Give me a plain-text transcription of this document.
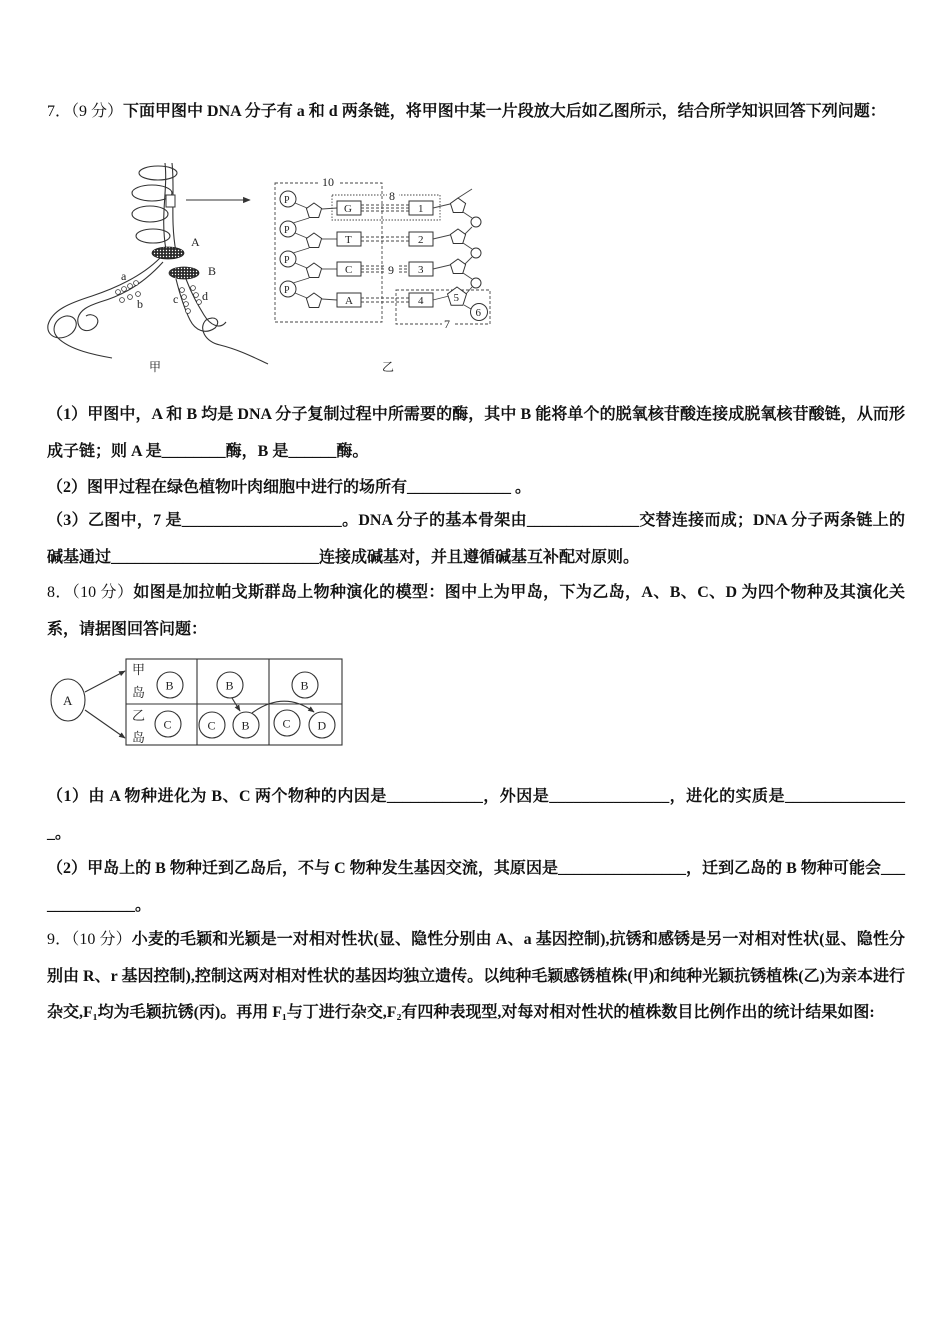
7．（9 分）下面甲图中 DNA 分子有 a 和 d 两条链，将甲图中某一片段放大后如乙图所示，结合所学知识回答下列问题：

A
B
a
b	c d
甲
10
8
7
P
P
P
P
G
T
C
A
9
1
2
3
4	5
6
乙

（1）甲图中，A 和 B 均是 DNA 分子复制过程中所需要的酶，其中 B 能将单个的脱氧核苷酸连接成脱氧核苷酸链，从而形成子链；则 A 是________酶，B 是______酶。

（2）图甲过程在绿色植物叶肉细胞中进行的场所有_____________ 。

（3）乙图中，7 是____________________。DNA 分子的基本骨架由______________交替连接而成；DNA 分子两条链上的碱基通过__________________________连接成碱基对，并且遵循碱基互补配对原则。

8．（10 分）如图是加拉帕戈斯群岛上物种演化的模型：图中上为甲岛，下为乙岛，A、B、C、D 为四个物种及其演化关系，请据图回答问题：

A
甲
岛
乙
岛
B	B	B
C	C B	C D

（1）由 A 物种进化为 B、C 两个物种的内因是____________，外因是_______________，进化的实质是________________。

（2）甲岛上的 B 物种迁到乙岛后，不与 C 物种发生基因交流，其原因是________________，迁到乙岛的 B 物种可能会______________。

9．（10 分）小麦的毛颖和光颖是一对相对性状(显、隐性分别由 A、a 基因控制),抗锈和感锈是另一对相对性状(显、隐性分别由 R、r 基因控制),控制这两对相对性状的基因均独立遗传。以纯种毛颖感锈植株(甲)和纯种光颖抗锈植株(乙)为亲本进行杂交,F₁均为毛颖抗锈(丙)。再用 F₁与丁进行杂交,F₂有四种表现型,对每对相对性状的植株数目比例作出的统计结果如图:
